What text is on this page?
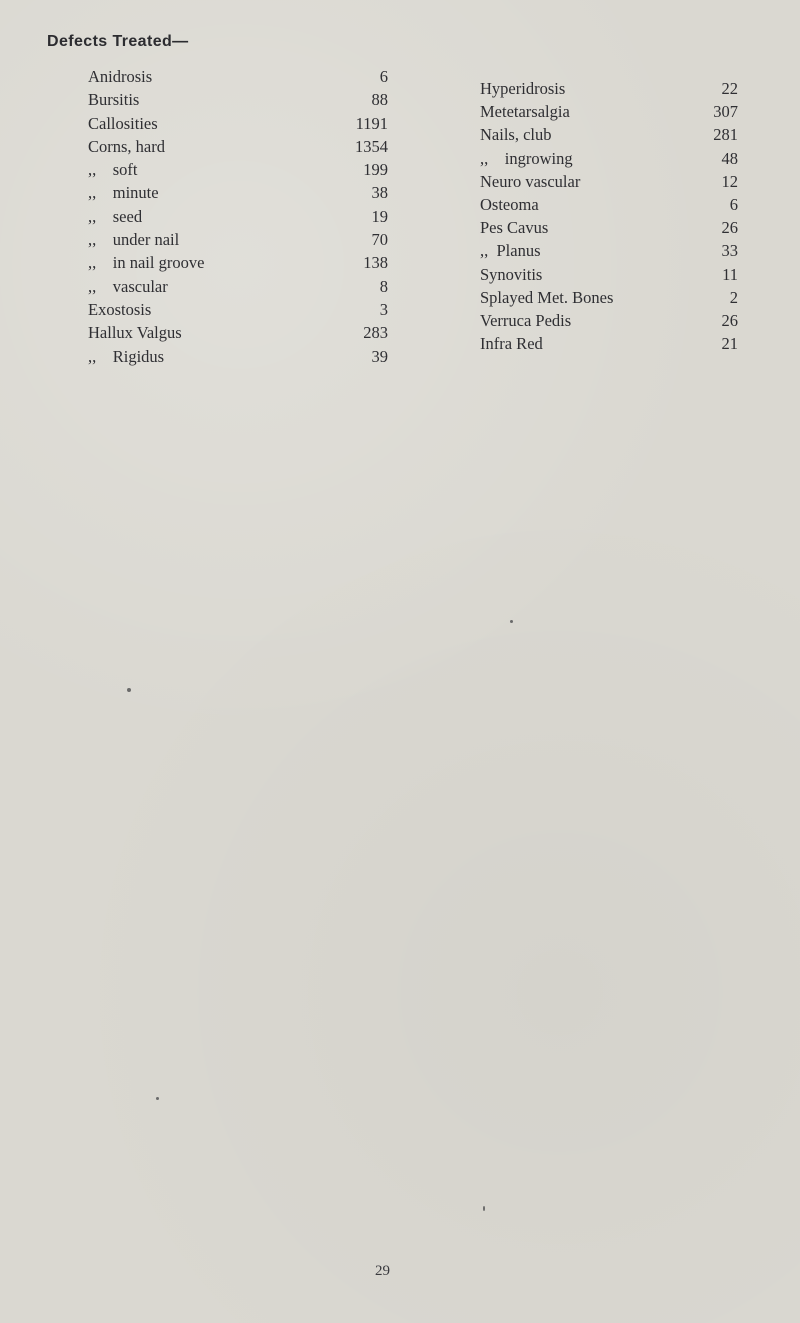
Defects Treated—
Anidrosis	6
Bursitis	88
Callosities	1191
Corns, hard	1354
,,    soft	199
,,    minute	38
,,    seed	19
,,    under nail	70
,,    in nail groove	138
,,    vascular	8
Exostosis	3
Hallux Valgus	283
,,    Rigidus	39
Hyperidrosis	22
Metetarsalgia	307
Nails, club	281
,,    ingrowing	48
Neuro vascular	12
Osteoma	6
Pes Cavus	26
,,  Planus	33
Synovitis	11
Splayed Met. Bones	2
Verruca Pedis	26
Infra Red	21
29
